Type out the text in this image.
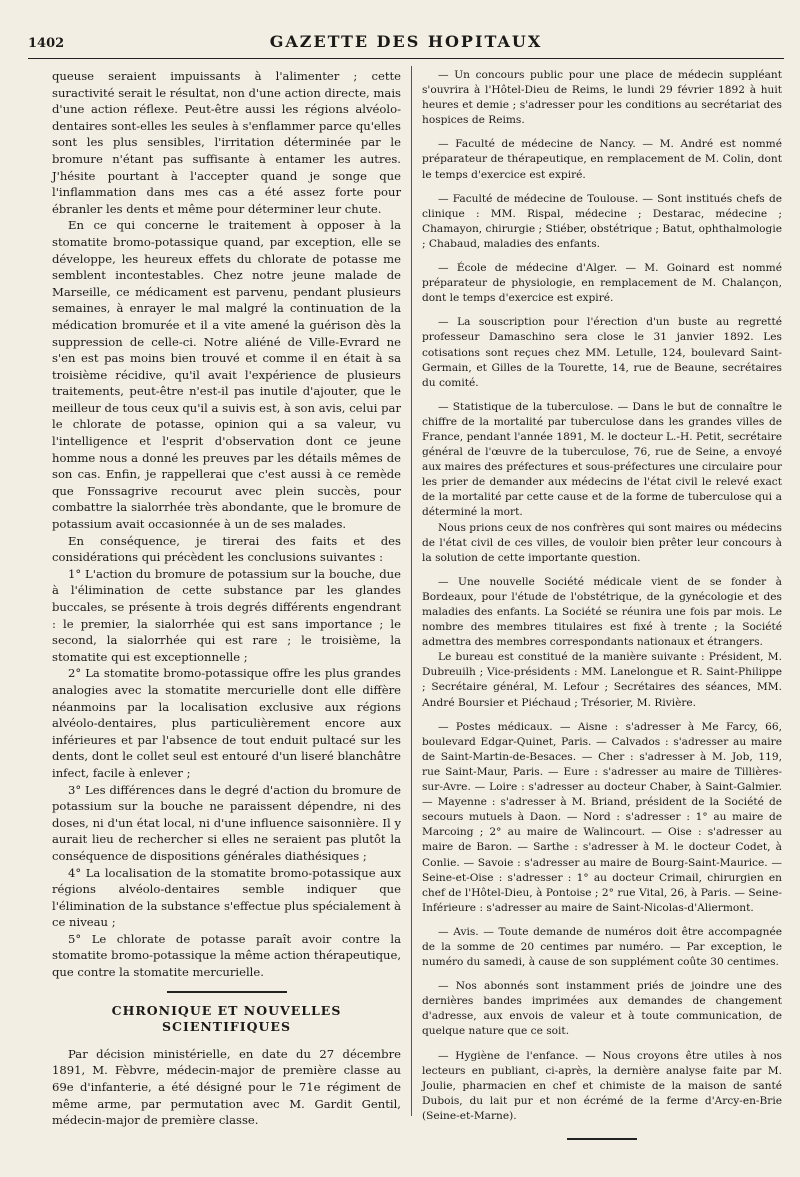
1402	GAZETTE DES HOPITAUX

queuse seraient impuissants à l'alimenter ; cette suractivité serait le résultat, non d'une action directe, mais d'une action réflexe. Peut-être aussi les régions alvéolo-dentaires sont-elles les seules à s'enflammer parce qu'elles sont les plus sensibles, l'irritation déterminée par le bromure n'étant pas suffisante à entamer les autres. J'hésite pourtant à l'accepter quand je songe que l'inflammation dans mes cas a été assez forte pour ébranler les dents et même pour déterminer leur chute.

En ce qui concerne le traitement à opposer à la stomatite bromo-potassique quand, par exception, elle se développe, les heureux effets du chlorate de potasse me semblent incontestables. Chez notre jeune malade de Marseille, ce médicament est parvenu, pendant plusieurs semaines, à enrayer le mal malgré la continuation de la médication bromurée et il a vite amené la guérison dès la suppression de celle-ci. Notre aliéné de Ville-Evrard ne s'en est pas moins bien trouvé et comme il en était à sa troisième récidive, qu'il avait l'expérience de plusieurs traitements, peut-être n'est-il pas inutile d'ajouter, que le meilleur de tous ceux qu'il a suivis est, à son avis, celui par le chlorate de potasse, opinion qui a sa valeur, vu l'intelligence et l'esprit d'observation dont ce jeune homme nous a donné les preuves par les détails mêmes de son cas. Enfin, je rappellerai que c'est aussi à ce remède que Fonssagrive recourut avec plein succès, pour combattre la sialorrhée très abondante, que le bromure de potassium avait occasionnée à un de ses malades.

En conséquence, je tirerai des faits et des considérations qui précèdent les conclusions suivantes :

1° L'action du bromure de potassium sur la bouche, due à l'élimination de cette substance par les glandes buccales, se présente à trois degrés différents engendrant : le premier, la sialorrhée qui est sans importance ; le second, la sialorrhée qui est rare ; le troisième, la stomatite qui est exceptionnelle ;

2° La stomatite bromo-potassique offre les plus grandes analogies avec la stomatite mercurielle dont elle diffère néanmoins par la localisation exclusive aux régions alvéolo-dentaires, plus particulièrement encore aux inférieures et par l'absence de tout enduit pultacé sur les dents, dont le collet seul est entouré d'un liseré blanchâtre infect, facile à enlever ;

3° Les différences dans le degré d'action du bromure de potassium sur la bouche ne paraissent dépendre, ni des doses, ni d'un état local, ni d'une influence saisonnière. Il y aurait lieu de rechercher si elles ne seraient pas plutôt la conséquence de dispositions générales diathésiques ;

4° La localisation de la stomatite bromo-potassique aux régions alvéolo-dentaires semble indiquer que l'élimination de la substance s'effectue plus spécialement à ce niveau ;

5° Le chlorate de potasse paraît avoir contre la stomatite bromo-potassique la même action thérapeutique, que contre la stomatite mercurielle.

CHRONIQUE ET NOUVELLES SCIENTIFIQUES

Par décision ministérielle, en date du 27 décembre 1891, M. Fèbvre, médecin-major de première classe au 69e d'infanterie, a été désigné pour le 71e régiment de même arme, par permutation avec M. Gardit Gentil, médecin-major de première classe.

— Un concours public pour une place de médecin suppléant s'ouvrira à l'Hôtel-Dieu de Reims, le lundi 29 février 1892 à huit heures et demie ; s'adresser pour les conditions au secrétariat des hospices de Reims.

— Faculté de médecine de Nancy. — M. André est nommé préparateur de thérapeutique, en remplacement de M. Colin, dont le temps d'exercice est expiré.

— Faculté de médecine de Toulouse. — Sont institués chefs de clinique : MM. Rispal, médecine ; Destarac, médecine ; Chamayon, chirurgie ; Stiéber, obstétrique ; Batut, ophthalmologie ; Chabaud, maladies des enfants.

— École de médecine d'Alger. — M. Goinard est nommé préparateur de physiologie, en remplacement de M. Chalançon, dont le temps d'exercice est expiré.

— La souscription pour l'érection d'un buste au regretté professeur Damaschino sera close le 31 janvier 1892. Les cotisations sont reçues chez MM. Letulle, 124, boulevard Saint-Germain, et Gilles de la Tourette, 14, rue de Beaune, secrétaires du comité.

— Statistique de la tuberculose. — Dans le but de connaître le chiffre de la mortalité par tuberculose dans les grandes villes de France, pendant l'année 1891, M. le docteur L.-H. Petit, secrétaire général de l'œuvre de la tuberculose, 76, rue de Seine, a envoyé aux maires des préfectures et sous-préfectures une circulaire pour les prier de demander aux médecins de l'état civil le relevé exact de la mortalité par cette cause et de la forme de tuberculose qui a déterminé la mort.

Nous prions ceux de nos confrères qui sont maires ou médecins de l'état civil de ces villes, de vouloir bien prêter leur concours à la solution de cette importante question.

— Une nouvelle Société médicale vient de se fonder à Bordeaux, pour l'étude de l'obstétrique, de la gynécologie et des maladies des enfants. La Société se réunira une fois par mois. Le nombre des membres titulaires est fixé à trente ; la Société admettra des membres correspondants nationaux et étrangers.

Le bureau est constitué de la manière suivante : Président, M. Dubreuilh ; Vice-présidents : MM. Lanelongue et R. Saint-Philippe ; Secrétaire général, M. Lefour ; Secrétaires des séances, MM. André Boursier et Piéchaud ; Trésorier, M. Rivière.

— Postes médicaux. — Aisne : s'adresser à Me Farcy, 66, boulevard Edgar-Quinet, Paris. — Calvados : s'adresser au maire de Saint-Martin-de-Besaces. — Cher : s'adresser à M. Job, 119, rue Saint-Maur, Paris. — Eure : s'adresser au maire de Tillières-sur-Avre. — Loire : s'adresser au docteur Chaber, à Saint-Galmier. — Mayenne : s'adresser à M. Briand, président de la Société de secours mutuels à Daon. — Nord : s'adresser : 1° au maire de Marcoing ; 2° au maire de Walincourt. — Oise : s'adresser au maire de Baron. — Sarthe : s'adresser à M. le docteur Codet, à Conlie. — Savoie : s'adresser au maire de Bourg-Saint-Maurice. — Seine-et-Oise : s'adresser : 1° au docteur Crimail, chirurgien en chef de l'Hôtel-Dieu, à Pontoise ; 2° rue Vital, 26, à Paris. — Seine-Inférieure : s'adresser au maire de Saint-Nicolas-d'Aliermont.

— Avis. — Toute demande de numéros doit être accompagnée de la somme de 20 centimes par numéro. — Par exception, le numéro du samedi, à cause de son supplément coûte 30 centimes.

— Nos abonnés sont instamment priés de joindre une des dernières bandes imprimées aux demandes de changement d'adresse, aux envois de valeur et à toute communication, de quelque nature que ce soit.

— Hygiène de l'enfance. — Nous croyons être utiles à nos lecteurs en publiant, ci-après, la dernière analyse faite par M. Joulie, pharmacien en chef et chimiste de la maison de santé Dubois, du lait pur et non écrémé de la ferme d'Arcy-en-Brie (Seine-et-Marne).
